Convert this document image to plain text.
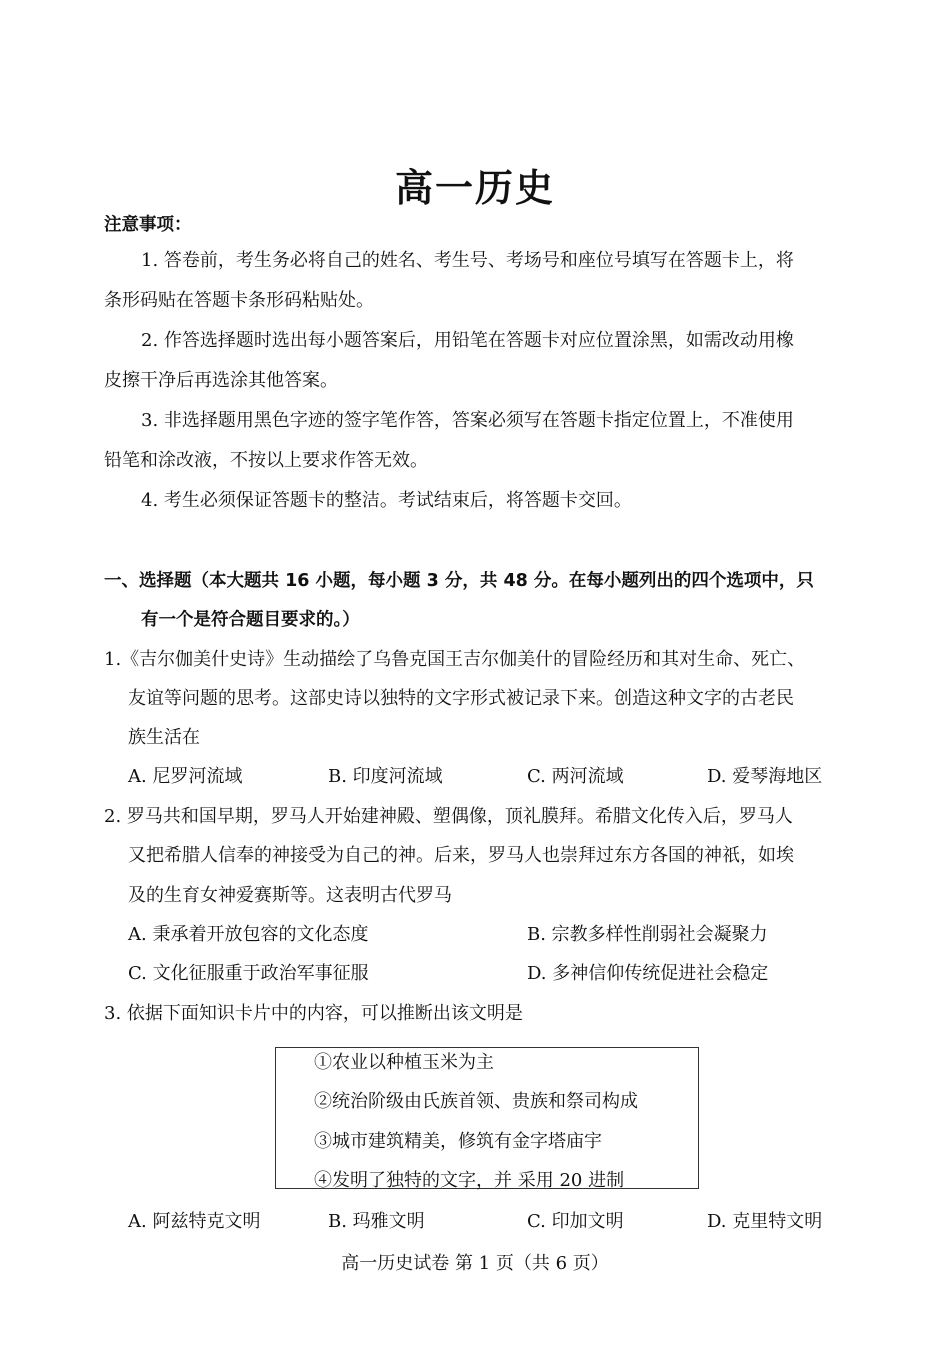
高一历史
注意事项：
1. 答卷前，考生务必将自己的姓名、考生号、考场号和座位号填写在答题卡上，将
条形码贴在答题卡条形码粘贴处。
2. 作答选择题时选出每小题答案后，用铅笔在答题卡对应位置涂黑，如需改动用橡
皮擦干净后再选涂其他答案。
3. 非选择题用黑色字迹的签字笔作答，答案必须写在答题卡指定位置上，不准使用
铅笔和涂改液，不按以上要求作答无效。
4. 考生必须保证答题卡的整洁。考试结束后，将答题卡交回。
一、选择题（本大题共 16 小题，每小题 3 分，共 48 分。在每小题列出的四个选项中，只
有一个是符合题目要求的。）
1.《吉尔伽美什史诗》生动描绘了乌鲁克国王吉尔伽美什的冒险经历和其对生命、死亡、
友谊等问题的思考。这部史诗以独特的文字形式被记录下来。创造这种文字的古老民
族生活在
A. 尼罗河流域	B. 印度河流域	C. 两河流域	D. 爱琴海地区
2. 罗马共和国早期，罗马人开始建神殿、塑偶像，顶礼膜拜。希腊文化传入后，罗马人
又把希腊人信奉的神接受为自己的神。后来，罗马人也崇拜过东方各国的神祇，如埃
及的生育女神爱赛斯等。这表明古代罗马
A. 秉承着开放包容的文化态度	B. 宗教多样性削弱社会凝聚力
C. 文化征服重于政治军事征服	D. 多神信仰传统促进社会稳定
3. 依据下面知识卡片中的内容，可以推断出该文明是
①农业以种植玉米为主
②统治阶级由氏族首领、贵族和祭司构成
③城市建筑精美，修筑有金字塔庙宇
④发明了独特的文字，并 采用 20 进制
A. 阿兹特克文明	B. 玛雅文明	C. 印加文明	D. 克里特文明
高一历史试卷 第 1 页（共 6 页）
